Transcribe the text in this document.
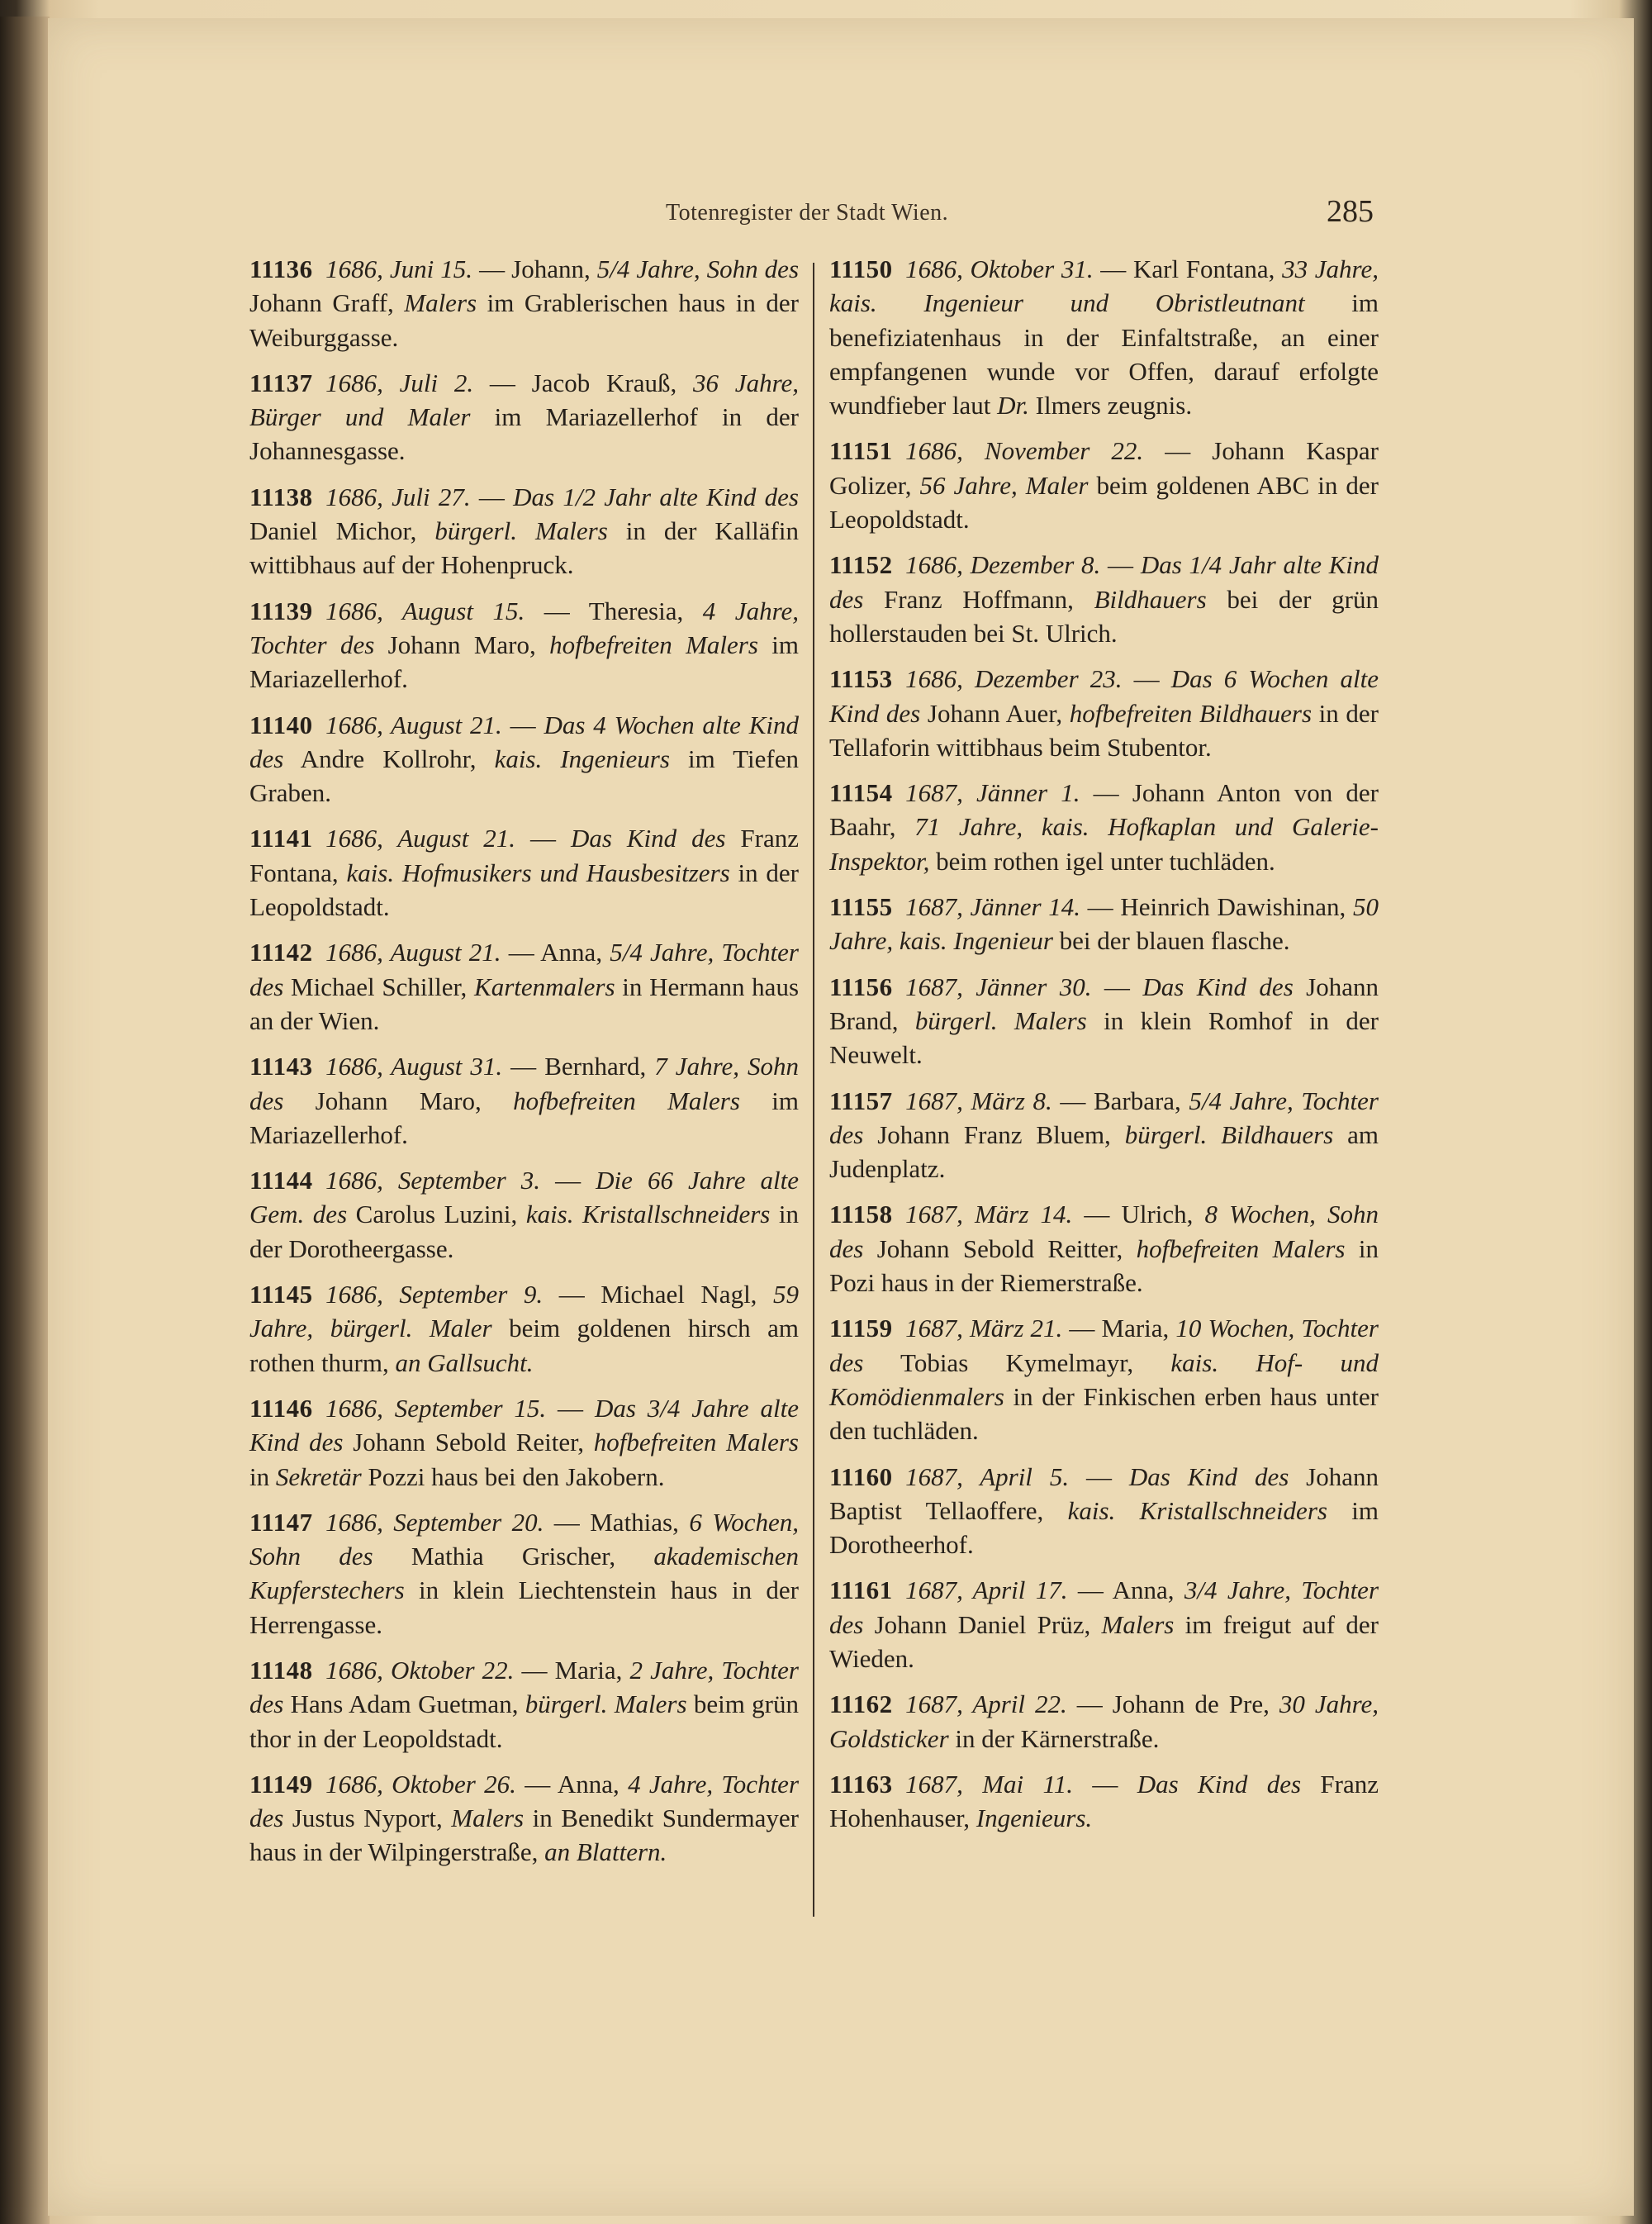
Totenregister der Stadt Wien.	285

11136  1686, Juni 15. — Johann, 5/4 Jahre, Sohn des Johann Graff, Malers im Grablerischen haus in der Weiburggasse.

11137  1686, Juli 2. — Jacob Krauß, 36 Jahre, Bürger und Maler im Mariazellerhof in der Johannesgasse.

11138  1686, Juli 27. — Das 1/2 Jahr alte Kind des Daniel Michor, bürgerl. Malers in der Kalläfin wittibhaus auf der Hohenpruck.

11139  1686, August 15. — Theresia, 4 Jahre, Tochter des Johann Maro, hofbefreiten Malers im Mariazellerhof.

11140  1686, August 21. — Das 4 Wochen alte Kind des Andre Kollrohr, kais. Ingenieurs im Tiefen Graben.

11141  1686, August 21. — Das Kind des Franz Fontana, kais. Hofmusikers und Hausbesitzers in der Leopoldstadt.

11142  1686, August 21. — Anna, 5/4 Jahre, Tochter des Michael Schiller, Kartenmalers in Hermann haus an der Wien.

11143  1686, August 31. — Bernhard, 7 Jahre, Sohn des Johann Maro, hofbefreiten Malers im Mariazellerhof.

11144  1686, September 3. — Die 66 Jahre alte Gem. des Carolus Luzini, kais. Kristallschneiders in der Dorotheergasse.

11145  1686, September 9. — Michael Nagl, 59 Jahre, bürgerl. Maler beim goldenen hirsch am rothen thurm, an Gallsucht.

11146  1686, September 15. — Das 3/4 Jahre alte Kind des Johann Sebold Reiter, hofbefreiten Malers in Sekretär Pozzi haus bei den Jakobern.

11147  1686, September 20. — Mathias, 6 Wochen, Sohn des Mathia Grischer, akademischen Kupferstechers in klein Liechtenstein haus in der Herrengasse.

11148  1686, Oktober 22. — Maria, 2 Jahre, Tochter des Hans Adam Guetman, bürgerl. Malers beim grün thor in der Leopoldstadt.

11149  1686, Oktober 26. — Anna, 4 Jahre, Tochter des Justus Nyport, Malers in Benedikt Sundermayer haus in der Wilpingerstraße, an Blattern.

11150  1686, Oktober 31. — Karl Fontana, 33 Jahre, kais. Ingenieur und Obristleutnant im benefiziatenhaus in der Einfaltstraße, an einer empfangenen wunde vor Offen, darauf erfolgte wundfieber laut Dr. Ilmers zeugnis.

11151  1686, November 22. — Johann Kaspar Golizer, 56 Jahre, Maler beim goldenen ABC in der Leopoldstadt.

11152  1686, Dezember 8. — Das 1/4 Jahr alte Kind des Franz Hoffmann, Bildhauers bei der grün hollerstauden bei St. Ulrich.

11153  1686, Dezember 23. — Das 6 Wochen alte Kind des Johann Auer, hofbefreiten Bildhauers in der Tellaforin wittibhaus beim Stubentor.

11154  1687, Jänner 1. — Johann Anton von der Baahr, 71 Jahre, kais. Hofkaplan und Galerie-Inspektor, beim rothen igel unter tuchläden.

11155  1687, Jänner 14. — Heinrich Dawishinan, 50 Jahre, kais. Ingenieur bei der blauen flasche.

11156  1687, Jänner 30. — Das Kind des Johann Brand, bürgerl. Malers in klein Romhof in der Neuwelt.

11157  1687, März 8. — Barbara, 5/4 Jahre, Tochter des Johann Franz Bluem, bürgerl. Bildhauers am Judenplatz.

11158  1687, März 14. — Ulrich, 8 Wochen, Sohn des Johann Sebold Reitter, hofbefreiten Malers in Pozi haus in der Riemerstraße.

11159  1687, März 21. — Maria, 10 Wochen, Tochter des Tobias Kymelmayr, kais. Hof- und Komödienmalers in der Finkischen erben haus unter den tuchläden.

11160  1687, April 5. — Das Kind des Johann Baptist Tellaoffere, kais. Kristallschneiders im Dorotheerhof.

11161  1687, April 17. — Anna, 3/4 Jahre, Tochter des Johann Daniel Prüz, Malers im freigut auf der Wieden.

11162  1687, April 22. — Johann de Pre, 30 Jahre, Goldsticker in der Kärnerstraße.

11163  1687, Mai 11. — Das Kind des Franz Hohenhauser, Ingenieurs.
